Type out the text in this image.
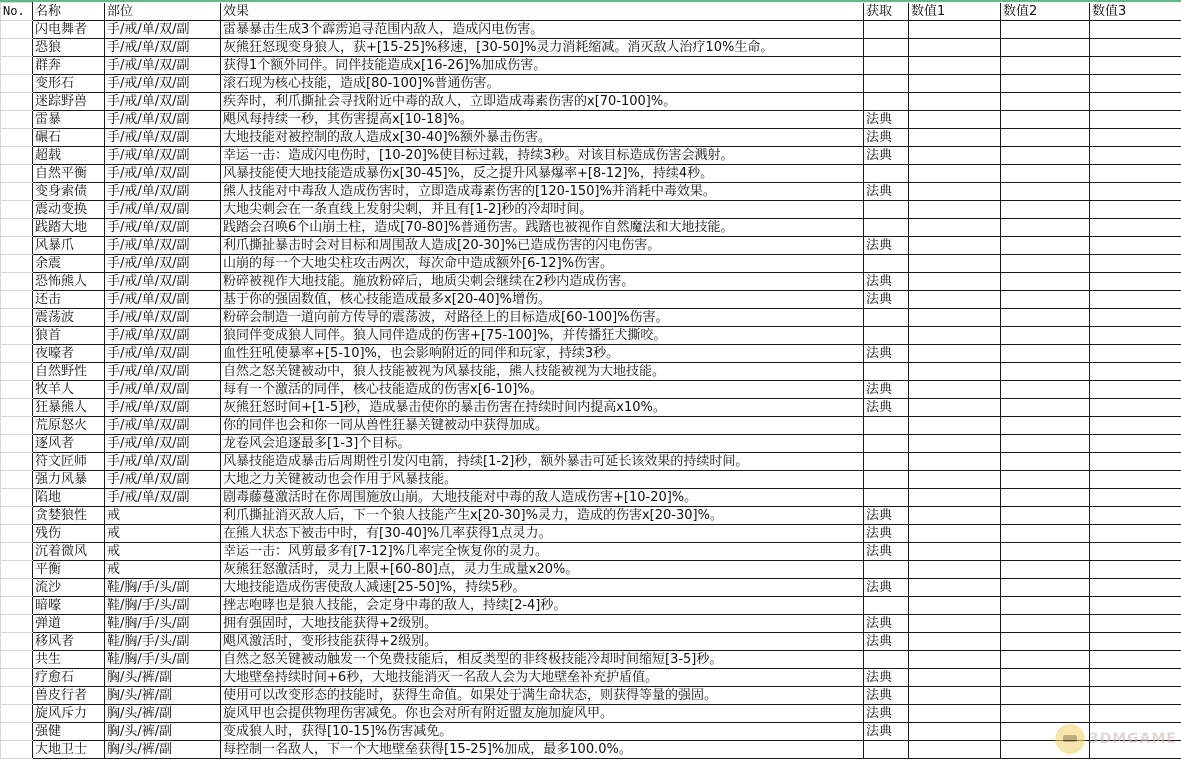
No.	名称	部位	效果	获取	数值1	数值2	数值3
	闪电舞者	手/戒/单/双/副	雷暴暴击生成3个霹雳追寻范围内敌人，造成闪电伤害。				
	恐狼	手/戒/单/双/副	灰熊狂怒现变身狼人，获+[15-25]%移速，[30-50]%灵力消耗缩减。消灭敌人治疗10%生命。				
	群奔	手/戒/单/双/副	获得1个额外同伴。同伴技能造成x[16-26]%加成伤害。				
	变形石	手/戒/单/双/副	滚石现为核心技能，造成[80-100]%普通伤害。				
	迷踪野兽	手/戒/单/双/副	疾奔时，利爪撕扯会寻找附近中毒的敌人，立即造成毒素伤害的x[70-100]%。				
	雷暴	手/戒/单/双/副	飓风每持续一秒，其伤害提高x[10-18]%。	法典			
	碾石	手/戒/单/双/副	大地技能对被控制的敌人造成x[30-40]%额外暴击伤害。	法典			
	超载	手/戒/单/双/副	幸运一击：造成闪电伤时，[10-20]%使目标过载，持续3秒。对该目标造成伤害会溅射。	法典			
	自然平衡	手/戒/单/双/副	风暴技能使大地技能造成暴伤x[30-45]%，反之提升风暴爆率+[8-12]%，持续4秒。				
	变身索债	手/戒/单/双/副	熊人技能对中毒敌人造成伤害时，立即造成毒素伤害的[120-150]%并消耗中毒效果。	法典			
	震动变换	手/戒/单/双/副	大地尖刺会在一条直线上发射尖刺，并且有[1-2]秒的冷却时间。				
	践踏大地	手/戒/单/双/副	践踏会召唤6个山崩土柱，造成[70-80]%普通伤害。践踏也被视作自然魔法和大地技能。				
	风暴爪	手/戒/单/双/副	利爪撕扯暴击时会对目标和周围敌人造成[20-30]%已造成伤害的闪电伤害。	法典			
	余震	手/戒/单/双/副	山崩的每一个大地尖柱攻击两次，每次命中造成额外[6-12]%伤害。				
	恐怖熊人	手/戒/单/双/副	粉碎被视作大地技能。施放粉碎后，地质尖刺会继续在2秒内造成伤害。	法典			
	还击	手/戒/单/双/副	基于你的强固数值，核心技能造成最多x[20-40]%增伤。	法典			
	震荡波	手/戒/单/双/副	粉碎会制造一道向前方传导的震荡波，对路径上的目标造成[60-100]%伤害。				
	狼首	手/戒/单/双/副	狼同伴变成狼人同伴。狼人同伴造成的伤害+[75-100]%，并传播狂犬撕咬。				
	夜嚎者	手/戒/单/双/副	血性狂吼使暴率+[5-10]%，也会影响附近的同伴和玩家，持续3秒。	法典			
	自然野性	手/戒/单/双/副	自然之怒关键被动中，狼人技能被视为风暴技能，熊人技能被视为大地技能。				
	牧羊人	手/戒/单/双/副	每有一个激活的同伴，核心技能造成的伤害x[6-10]%。	法典			
	狂暴熊人	手/戒/单/双/副	灰熊狂怒时间+[1-5]秒，造成暴击使你的暴击伤害在持续时间内提高x10%。	法典			
	荒原怒火	手/戒/单/双/副	你的同伴也会和你一同从兽性狂暴关键被动中获得加成。				
	逐风者	手/戒/单/双/副	龙卷风会追逐最多[1-3]个目标。				
	符文匠师	手/戒/单/双/副	风暴技能造成暴击后周期性引发闪电箭，持续[1-2]秒，额外暴击可延长该效果的持续时间。				
	强力风暴	手/戒/单/双/副	大地之力关键被动也会作用于风暴技能。				
	陷地	手/戒/单/双/副	剧毒藤蔓激活时在你周围施放山崩。大地技能对中毒的敌人造成伤害+[10-20]%。				
	贪婪狼性	戒	利爪撕扯消灭敌人后，下一个狼人技能产生x[20-30]%灵力，造成的伤害x[20-30]%。	法典			
	残伤	戒	在熊人状态下被击中时，有[30-40]%几率获得1点灵力。	法典			
	沉着微风	戒	幸运一击：风剪最多有[7-12]%几率完全恢复你的灵力。	法典			
	平衡	戒	灰熊狂怒激活时，灵力上限+[60-80]点，灵力生成量x20%。				
	流沙	鞋/胸/手/头/副	大地技能造成伤害使敌人减速[25-50]%，持续5秒。	法典			
	暗嚎	鞋/胸/手/头/副	挫志咆哮也是狼人技能，会定身中毒的敌人，持续[2-4]秒。				
	弹道	鞋/胸/手/头/副	拥有强固时，大地技能获得+2级别。	法典			
	移风者	鞋/胸/手/头/副	飓风激活时，变形技能获得+2级别。	法典			
	共生	鞋/胸/手/头/副	自然之怒关键被动触发一个免费技能后，相反类型的非终极技能冷却时间缩短[3-5]秒。				
	疗愈石	胸/头/裤/副	大地壁垒持续时间+6秒，大地技能消灭一名敌人会为大地壁垒补充护盾值。	法典			
	兽皮行者	胸/头/裤/副	使用可以改变形态的技能时，获得生命值。如果处于满生命状态，则获得等量的强固。	法典			
	旋风斥力	胸/头/裤/副	旋风甲也会提供物理伤害减免。你也会对所有附近盟友施加旋风甲。	法典			
	强健	胸/头/裤/副	变成狼人时，获得[10-15]%伤害减免。	法典			
	大地卫士	胸/头/裤/副	每控制一名敌人，下一个大地壁垒获得[15-25]%加成，最多100.0%。				
3DMGAME
